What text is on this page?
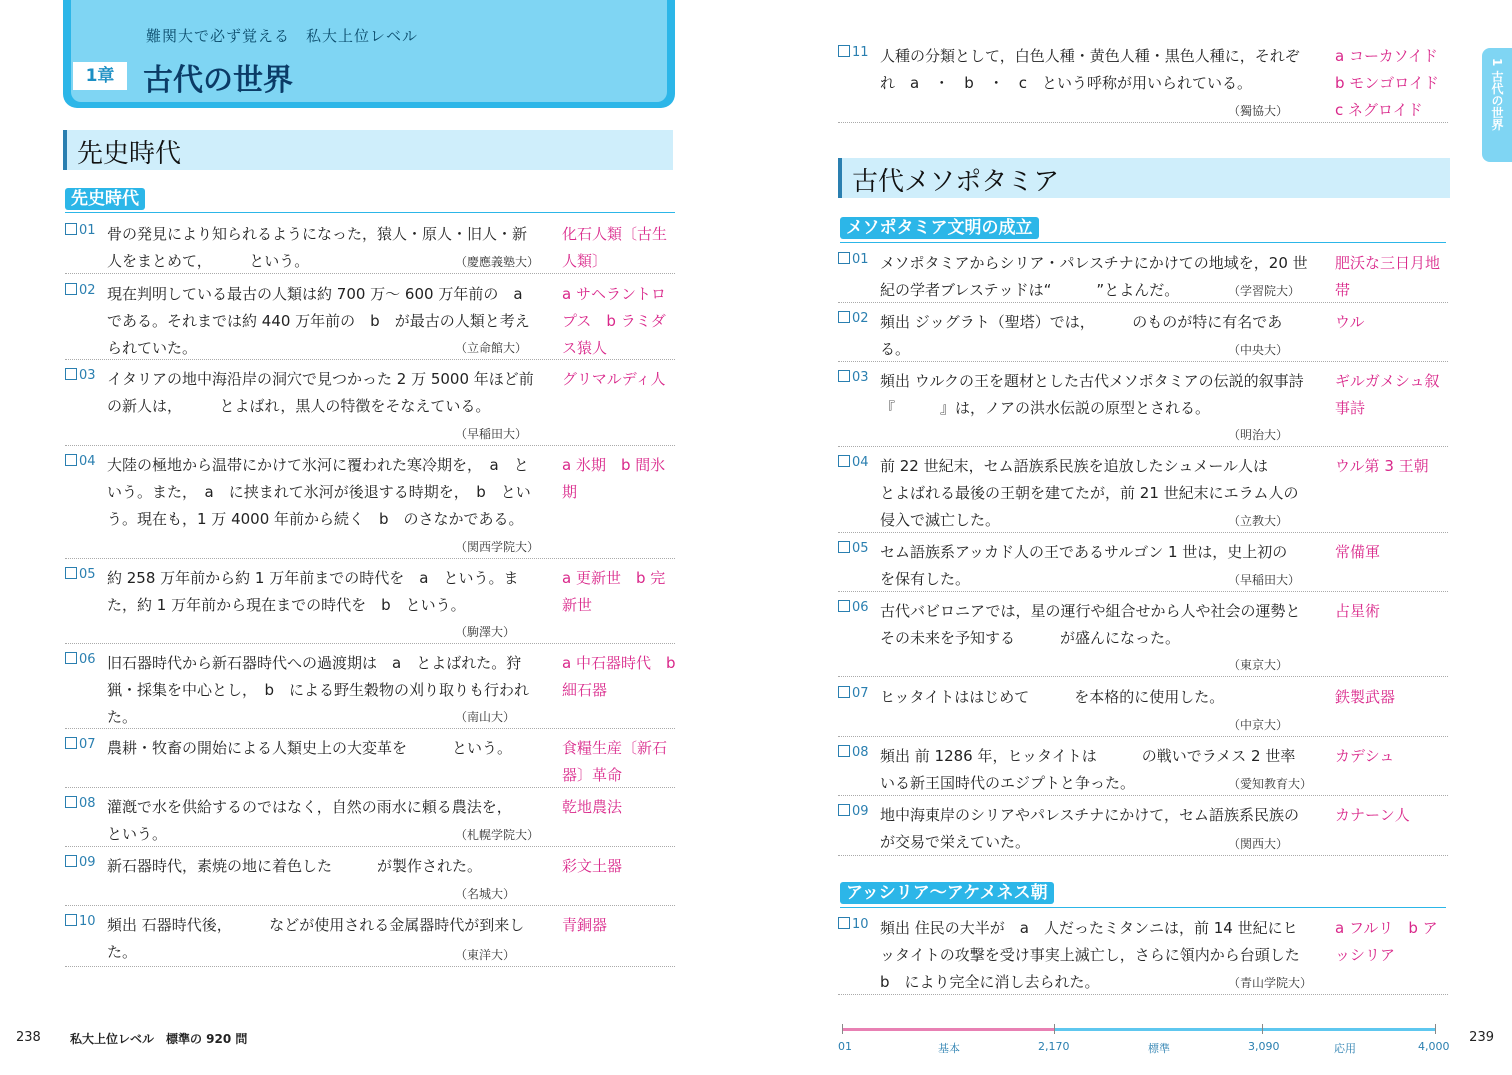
難関大で必ず覚える　私大上位レベル
1章 古代の世界
先史時代
先史時代
01 骨の発見により知られるようになった，猿人・原人・旧人・新人をまとめて，　　　という。	（慶應義塾大）
化石人類〔古生人類〕
02 現在判明している最古の人類は約 700 万～ 600 万年前の　a　である。それまでは約 440 万年前の　b　が最古の人類と考えられていた。	（立命館大）
a サヘラントロプス　b ラミダス猿人
03 イタリアの地中海沿岸の洞穴で見つかった 2 万 5000 年ほど前の新人は，　　　とよばれ，黒人の特徴をそなえている。
（早稲田大）
グリマルディ人
04 大陸の極地から温帯にかけて氷河に覆われた寒冷期を，　a　という。また，　a　に挟まれて氷河が後退する時期を，　b　という。現在も，1 万 4000 年前から続く　b　のさなかである。
（関西学院大）
a 氷期　b 間氷期
05 約 258 万年前から約 1 万年前までの時代を　a　という。また，約 1 万年前から現在までの時代を　b　という。
（駒澤大）
a 更新世　b 完新世
06 旧石器時代から新石器時代への過渡期は　a　とよばれた。狩猟・採集を中心とし，　b　による野生穀物の刈り取りも行われた。	（南山大）
a 中石器時代　b 細石器
07 農耕・牧畜の開始による人類史上の大変革を　　　という。	食糧生産〔新石器〕革命
08 灌漑で水を供給するのではなく，自然の雨水に頼る農法を，　　　という。	（札幌学院大）
乾地農法
09 新石器時代，素焼の地に着色した　　　が製作された。
（名城大）
彩文土器
10 頻出 石器時代後，　　　などが使用される金属器時代が到来した。	（東洋大）
青銅器
238 私大上位レベル　標準の 920 問
11 人種の分類として，白色人種・黄色人種・黒色人種に，それぞれ　a　・　b　・　c　という呼称が用いられている。
（獨協大）
a コーカソイド　b モンゴロイド　c ネグロイド
古代メソポタミア
メソポタミア文明の成立
01 メソポタミアからシリア・パレスチナにかけての地域を，20 世紀の学者ブレステッドは“　　　”とよんだ。	（学習院大）
肥沃な三日月地帯
02 頻出 ジッグラト（聖塔）では，　　　のものが特に有名である。	（中央大）
ウル
03 頻出 ウルクの王を題材とした古代メソポタミアの伝説的叙事詩『　　　』は，ノアの洪水伝説の原型とされる。
（明治大）
ギルガメシュ叙事詩
04 前 22 世紀末，セム語族系民族を追放したシュメール人は　　　とよばれる最後の王朝を建てたが，前 21 世紀末にエラム人の侵入で滅亡した。	（立教大）
ウル第 3 王朝
05 セム語族系アッカド人の王であるサルゴン 1 世は，史上初の　　　を保有した。	（早稲田大）
常備軍
06 古代バビロニアでは，星の運行や組合せから人や社会の運勢とその未来を予知する　　　が盛んになった。
（東京大）
占星術
07 ヒッタイトははじめて　　　を本格的に使用した。
（中京大）
鉄製武器
08 頻出 前 1286 年，ヒッタイトは　　　の戦いでラメス 2 世率いる新王国時代のエジプトと争った。	（愛知教育大）
カデシュ
09 地中海東岸のシリアやパレスチナにかけて，セム語族系民族の　　　が交易で栄えていた。	（関西大）
カナーン人
アッシリア～アケメネス朝
10 頻出 住民の大半が　a　人だったミタンニは，前 14 世紀にヒッタイトの攻撃を受け事実上滅亡し，さらに領内から台頭した　b　により完全に消し去られた。	（青山学院大）
a フルリ　b アッシリア
1 古代の世界
239
01	基本	2,170	標準	3,090	応用	4,000
